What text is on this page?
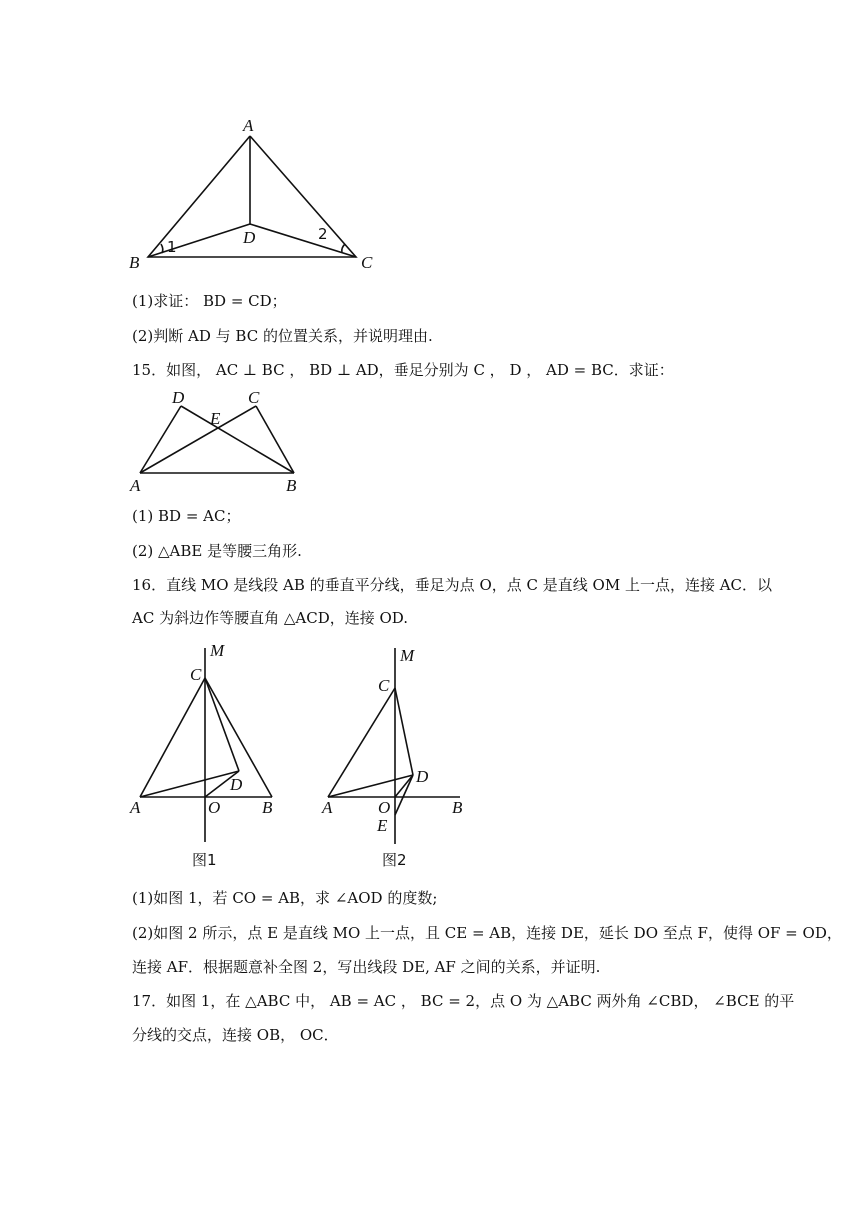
A
B	C
D
1
2
(1)求证： BD = CD；
(2)判断 AD 与 BC 的位置关系，并说明理由.
15．如图， AC ⊥ BC ， BD ⊥ AD，垂足分别为 C ， D ， AD = BC．求证：
D	C
E
A	B
(1) BD = AC；
(2) △ABE 是等腰三角形.
16．直线 MO 是线段 AB 的垂直平分线，垂足为点 O，点 C 是直线 OM 上一点，连接 AC．以
AC 为斜边作等腰直角 △ACD，连接 OD.
M
C
D
A	O B
图1
M
C
D
A	O	B
E
图2
(1)如图 1，若 CO = AB，求 ∠AOD 的度数;
(2)如图 2 所示，点 E 是直线 MO 上一点，且 CE = AB，连接 DE，延长 DO 至点 F，使得 OF = OD，
连接 AF．根据题意补全图 2，写出线段 DE, AF 之间的关系，并证明.
17．如图 1，在 △ABC 中， AB = AC ， BC = 2，点 O 为 △ABC 两外角 ∠CBD， ∠BCE 的平
分线的交点，连接 OB， OC．
